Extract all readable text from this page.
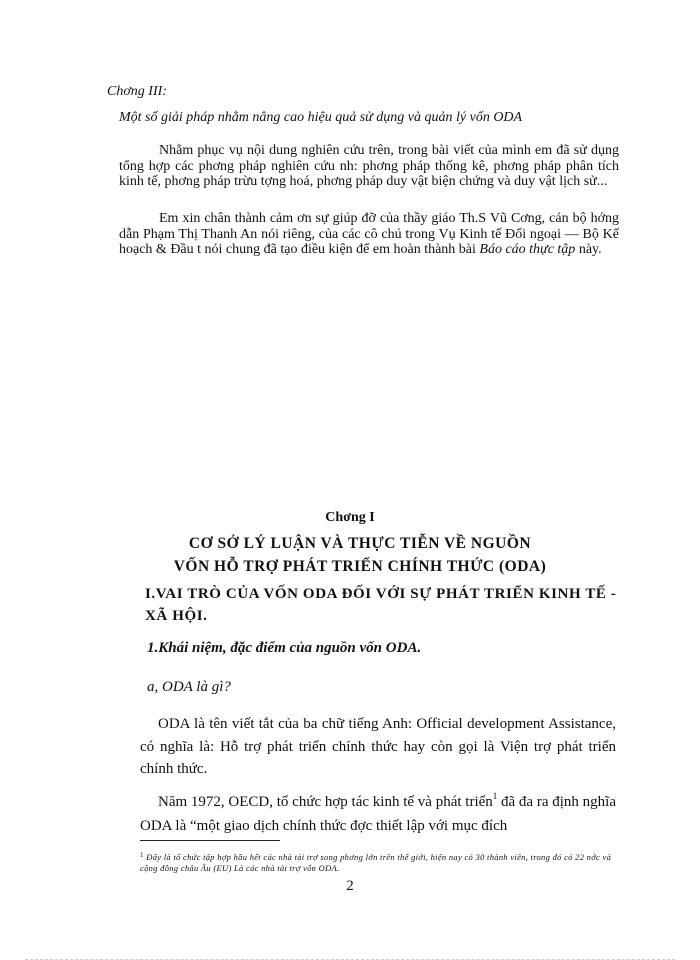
Chơng III:

Một số giải pháp nhằm nâng cao hiệu quả sử dụng và quản lý vốn ODA

Nhằm phục vụ nội dung nghiên cứu trên, trong bài viết của mình em đã sử dụng tổng hợp các phơng pháp nghiên cứu nh: phơng pháp thống kê, phơng pháp phân tích kinh tế, phơng pháp trừu tợng hoá, phơng pháp duy vật biện chứng và duy vật lịch sử...

Em xin chân thành cảm ơn sự giúp đỡ của thầy giáo Th.S Vũ Cơng, cán bộ hớng dẫn Phạm Thị Thanh An nói riêng, của các cô chú trong Vụ Kinh tế Đối ngoại — Bộ Kế hoạch & Đầu t nói chung đã tạo điều kiện để em hoàn thành bài Báo cáo thực tập này.

Chơng I

CƠ SỞ LÝ LUẬN VÀ THỰC TIỄN VỀ NGUỒN
VỐN HỖ TRỢ PHÁT TRIỂN CHÍNH THỨC (ODA)

I.VAI TRÒ CỦA VỐN ODA ĐỐI VỚI SỰ PHÁT TRIỂN KINH TẾ - XÃ HỘI.

1.Khái niệm, đặc điểm của nguồn vốn ODA.

a, ODA là gì?

ODA là tên viết tắt của ba chữ tiếng Anh: Official development Assistance, có nghĩa là: Hỗ trợ phát triển chính thức hay còn gọi là Viện trợ phát triển chính thức.

Năm 1972, OECD, tổ chức hợp tác kinh tế và phát triển$^1$ đã đa ra định nghĩa ODA là “một giao dịch chính thức đợc thiết lập với mục đích

$^1$ Đây là tổ chức tập hợp hầu hết các nhà tài trợ song phơng lớn trên thế giới, hiện nay có 30 thành viên, trong đó có 22 nớc và cộng đồng châu Âu (EU) Là các nhà tài trợ vốn ODA.

2
